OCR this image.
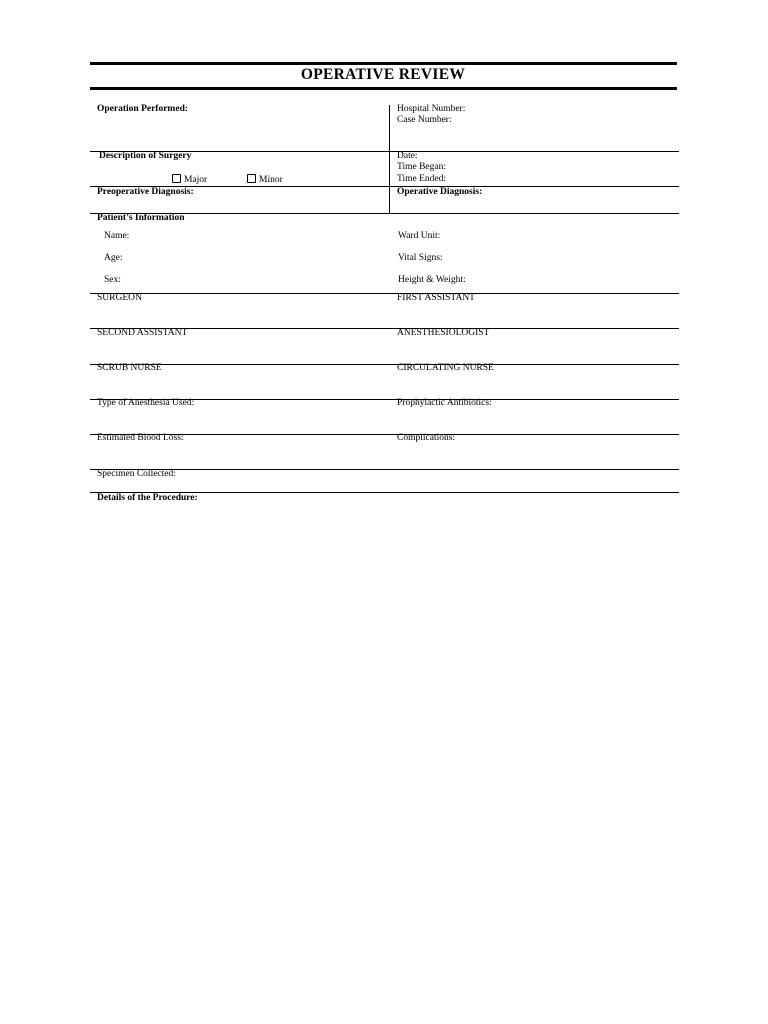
OPERATIVE REVIEW
Operation Performed:	Hospital Number:
Case Number:
Description of Surgery
Major	Minor
Date:
Time Began:
Time Ended:
Preoperative Diagnosis:	Operative Diagnosis:
Patient’s Information
Name:	Ward Unit:
Age:	Vital Signs:
Sex:	Height & Weight:
SURGEON	FIRST ASSISTANT
SECOND ASSISTANT	ANESTHESIOLOGIST
SCRUB NURSE	CIRCULATING NURSE
Type of Anesthesia Used:	Prophylactic Antibiotics:
Estimated Blood Loss:	Complications:
Specimen Collected:
Details of the Procedure:
